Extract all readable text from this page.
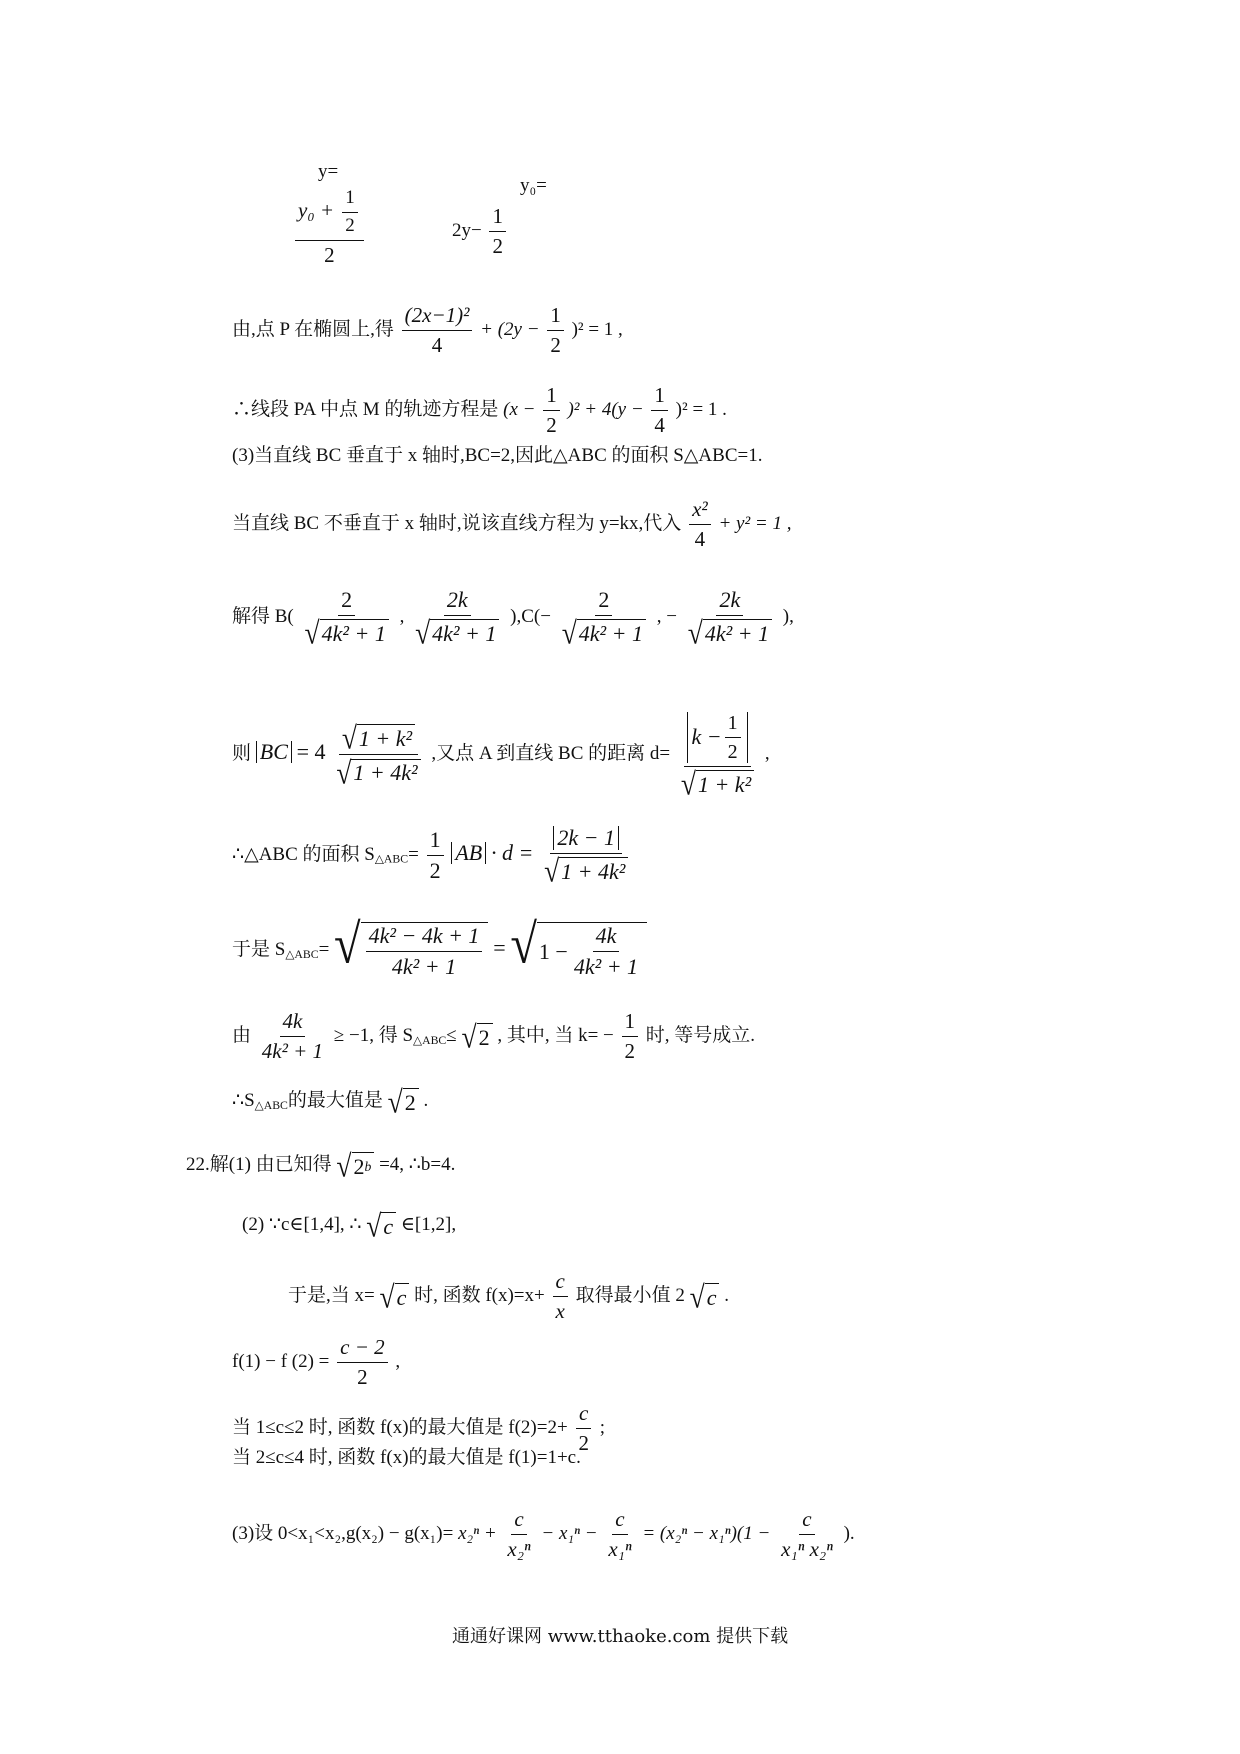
y=
$\frac{y_0 + \frac{1}{2}}{2}$
y₀=
$2y- \frac{1}{2}$
由,点 P 在椭圆上,得 $\frac{\text{(2x−1)²}}{4} + (2y - \frac{1}{2} )^2 = 1$ ,
∴线段 PA 中点 M 的轨迹方程是 $(x - \frac{1}{2} )^2 + 4(y - \frac{1}{4} )^2 = 1$ .
(3)当直线 BC 垂直于 x 轴时,BC=2,因此△ABC 的面积 S△ABC=1.
当直线 BC 不垂直于 x 轴时,说该直线方程为 y=kx,代入 $\frac{\text{x²}}{4} + y^2 = 1$ ,
解得 $B( \frac{2}{\text{√ 4k² + 1}}$ , $\frac{2k}{\text{√ 4k² + 1}} ),C(- \frac{2}{\text{√ 4k² + 1}}$ , − $\frac{2k}{\text{√ 4k² + 1}}$ ),
则 BC = $4 \frac{\text{√ 1 + k²}}{\text{√ 1 + 4k²}}$ ,又点 A 到直线 BC 的距离 $d= \frac{k - \frac{1}{2}}{\text{√ 1 + k²}}$ ,
∴△ABC 的面积 S△ABC= $\frac{1}{2}$ AB · $d = \frac{2k - 1}{\text{√ 1 + 4k²}}$
于是 S△ABC= √ $\frac{\text{4k² − 4k + 1}}{\text{4k² + 1}}$ = √ $1 - \frac{4k}{\text{4k² + 1}}$
由 $\frac{4k}{\text{4k² + 1}} \ge -1$, 得 S△ABC≤ √ 2 , 其中, 当 $k= - \frac{1}{2}$ 时, 等号成立.
∴S△ABC的最大值是 √ 2 .
22.解(1) 由已知得 √ 2 b =4, ∴b=4.
(2) ∵c∈[1,4], ∴ √ c ∈[1,2],
于是,当 x= √ c 时, 函数 $f(x)=x+ \frac{c}{x}$ 取得最小值 2 √ c .
f(1) − f $(2) = \frac{c - 2}{2}$ ,
当 1≤c≤2 时, 函数 f(x)的最大值是 $f(2)=2+ \frac{c}{2}$ ;
当 2≤c≤4 时, 函数 f(x)的最大值是 f(1)=1+c.
(3)设 $0<x_1<x_2,g(x_2) - g(x_1)= x_2^n + \frac{c}{\text{x₂ⁿ}} - x_1^n - \frac{c}{\text{x₁ⁿ}} = (x_2^n - x_1^n)(1 - \frac{c}{\text{x₁ⁿ x₂ⁿ}}$ ).
通通好课网 www.tthaoke.com 提供下载
